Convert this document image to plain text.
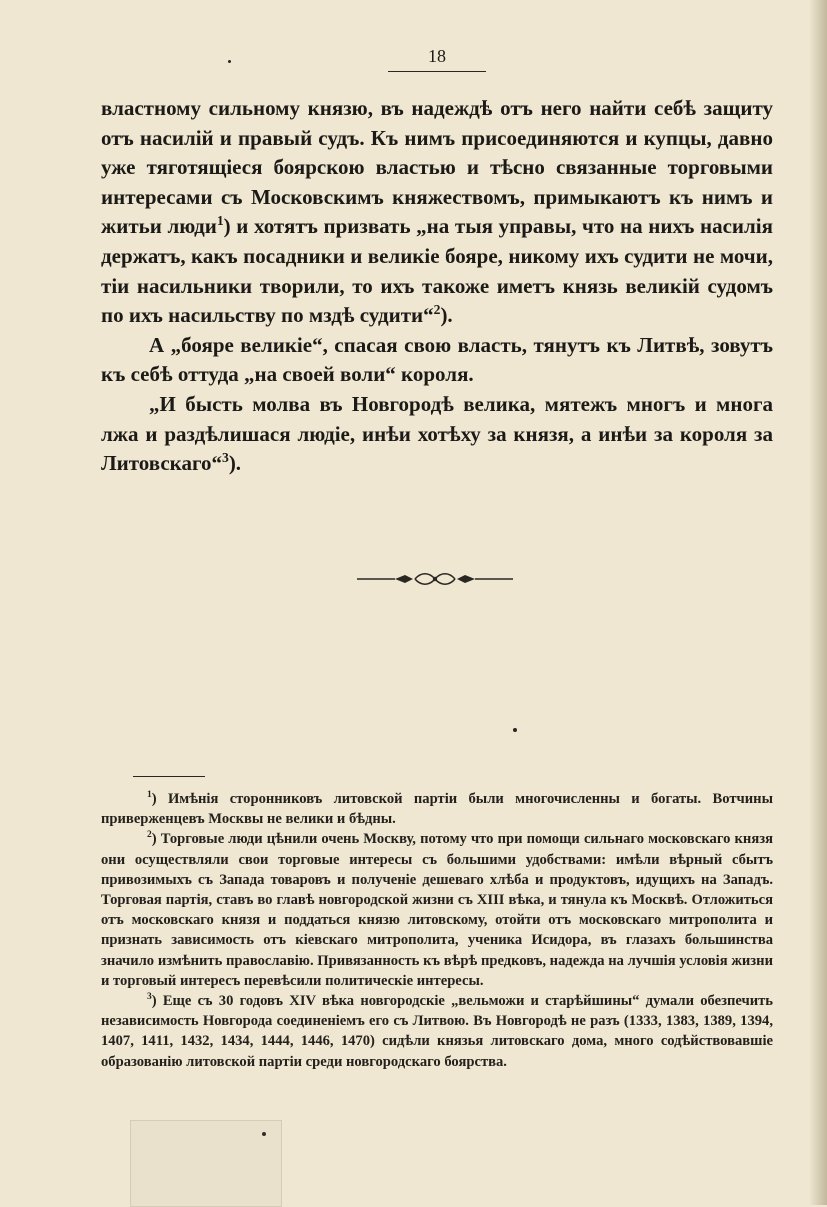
18

властному сильному князю, въ надеждѣ отъ него найти себѣ защиту отъ насилій и правый судъ. Къ нимъ присоединяются и купцы, давно уже тяготящіеся боярскою властью и тѣсно связанные торговыми интересами съ Московскимъ княжествомъ, примыкаютъ къ нимъ и житьи люди$^1$) и хотятъ призвать „на тыя управы, что на нихъ насилія держатъ, какъ посадники и великіе бояре, никому ихъ судити не мочи, тіи насильники творили, то ихъ такоже иметъ князь великій судомъ по ихъ насильству по мздѣ судити“$^2$).

А „бояре великіе“, спасая свою власть, тянутъ къ Литвѣ, зовутъ къ себѣ оттуда „на своей воли“ короля.

„И бысть молва въ Новгородѣ велика, мятежъ многъ и многа лжа и раздѣлишася людіе, инѣи хотѣху за князя, а инѣи за короля за Литовскаго“$^3$).

$^1$) Имѣнія сторонниковъ литовской партіи были многочисленны и богаты. Вотчины приверженцевъ Москвы не велики и бѣдны.

$^2$) Торговые люди цѣнили очень Москву, потому что при помощи сильнаго московскаго князя они осуществляли свои торговые интересы съ большими удобствами: имѣли вѣрный сбытъ привозимыхъ съ Запада товаровъ и полученіе дешеваго хлѣба и продуктовъ, идущихъ на Западъ. Торговая партія, ставъ во главѣ новгородской жизни съ XIII вѣка, и тянула къ Москвѣ. Отложиться отъ московскаго князя и поддаться князю литовскому, отойти отъ московскаго митрополита и признать зависимость отъ кіевскаго митрополита, ученика Исидора, въ глазахъ большинства значило измѣнить православію. Привязанность къ вѣрѣ предковъ, надежда на лучшія условія жизни и торговый интересъ перевѣсили политическіе интересы.

$^3$) Еще съ 30 годовъ XIV вѣка новгородскіе „вельможи и старѣйшины“ думали обезпечить независимость Новгорода соединеніемъ его съ Литвою. Въ Новгородѣ не разъ (1333, 1383, 1389, 1394, 1407, 1411, 1432, 1434, 1444, 1446, 1470) сидѣли князья литовскаго дома, много содѣйствовавшіе образованію литовской партіи среди новгородскаго боярства.
